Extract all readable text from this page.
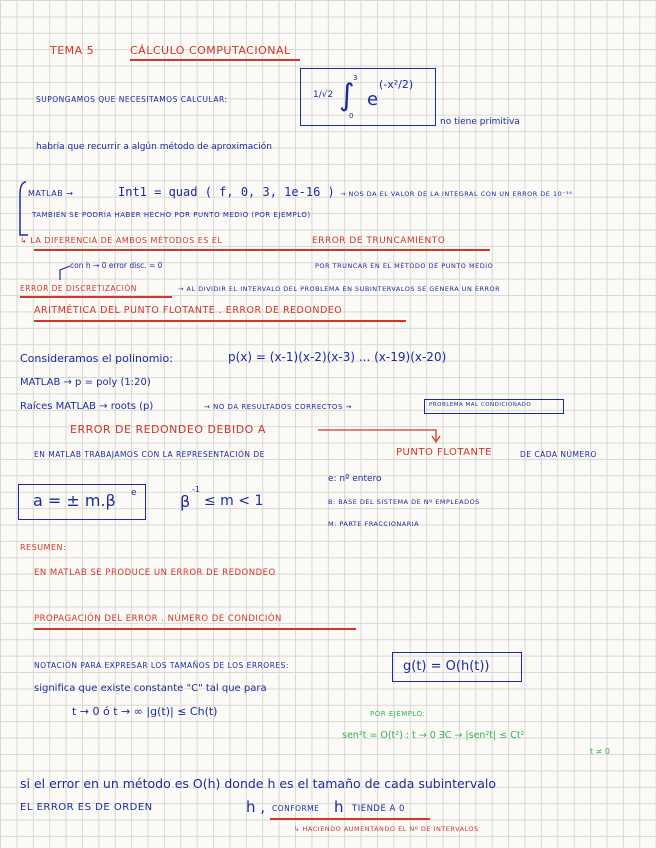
TEMA 5	CÁLCULO COMPUTACIONAL
SUPONGAMOS QUE NECESITAMOS CALCULAR:	1/√2 ∫
3
0
e
(-x²/2)
no tiene primitiva
habría que recurrir a algún método de aproximación
MATLAB →	Int1 = quad ( f, 0, 3, 1e-16 ) → NOS DA EL VALOR DE LA INTEGRAL CON UN ERROR DE 10⁻¹⁶
TAMBIÉN SE PODRÍA HABER HECHO POR PUNTO MEDIO (POR EJEMPLO)
↳ LA DIFERENCIA DE AMBOS MÉTODOS ES EL	ERROR DE TRUNCAMIENTO
con h → 0 error disc. = 0	POR TRUNCAR EN EL MÉTODO DE PUNTO MEDIO
ERROR DE DISCRETIZACIÓN	→ AL DIVIDIR EL INTERVALO DEL PROBLEMA EN SUBINTERVALOS SE GENERA UN ERROR
ARITMÉTICA DEL PUNTO FLOTANTE . ERROR DE REDONDEO
Consideramos el polinomio:	p(x) = (x-1)(x-2)(x-3) ... (x-19)(x-20)
MATLAB → p = poly (1:20)
Raíces MATLAB → roots (p)	→ NO DA RESULTADOS CORRECTOS →	PROBLEMA MAL CONDICIONADO
ERROR DE REDONDEO DEBIDO A
EN MATLAB TRABAJAMOS CON LA REPRESENTACIÓN DE	PUNTO FLOTANTE	DE CADA NÚMERO
a = ± m.β e	β
-1
≤ m < 1
e: nº entero
Β: BASE DEL SISTEMA DE Nº EMPLEADOS
M: PARTE FRACCIONARIA
RESUMEN:
EN MATLAB SE PRODUCE UN ERROR DE REDONDEO
PROPAGACIÓN DEL ERROR . NÚMERO DE CONDICIÓN
NOTACIÓN PARA EXPRESAR LOS TAMAÑOS DE LOS ERRORES:	g(t) = O(h(t))
significa que existe constante "C" tal que para
t → 0 ó t → ∞ |g(t)| ≤ Ch(t)	POR EJEMPLO:
sen²t = O(t²) : t → 0 ∃C → |sen²t| ≤ Ct²
t ≠ 0
si el error en un método es O(h) donde h es el tamaño de cada subintervalo
EL ERROR ES DE ORDEN	h , CONFORME h TIENDE A 0
↳ HACIENDO AUMENTANDO EL Nº DE INTERVALOS
